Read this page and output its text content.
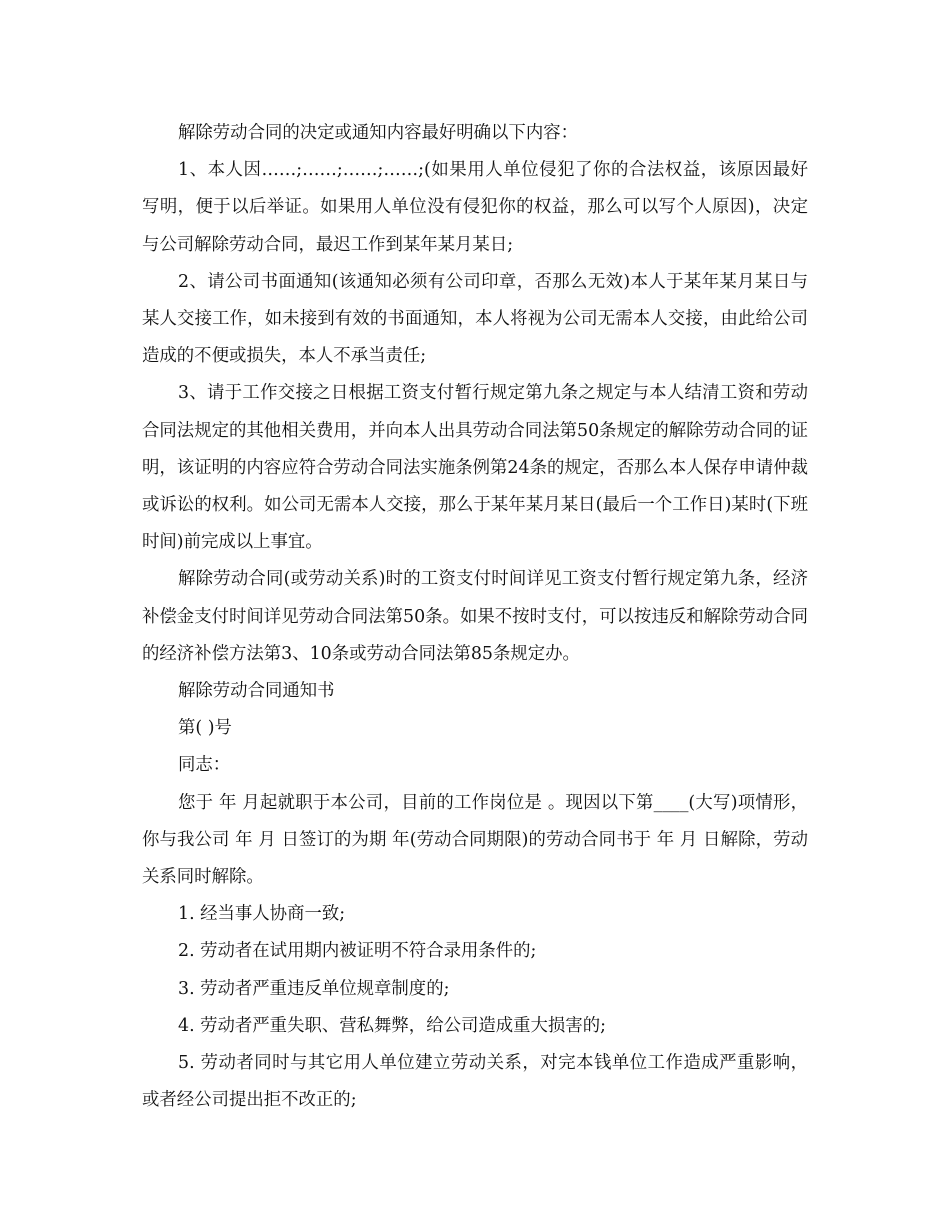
解除劳动合同的决定或通知内容最好明确以下内容：

1、本人因……;……;……;……;(如果用人单位侵犯了你的合法权益，该原因最好写明，便于以后举证。如果用人单位没有侵犯你的权益，那么可以写个人原因)，决定与公司解除劳动合同，最迟工作到某年某月某日;

2、请公司书面通知(该通知必须有公司印章，否那么无效)本人于某年某月某日与某人交接工作，如未接到有效的书面通知，本人将视为公司无需本人交接，由此给公司造成的不便或损失，本人不承当责任;

3、请于工作交接之日根据工资支付暂行规定第九条之规定与本人结清工资和劳动合同法规定的其他相关费用，并向本人出具劳动合同法第50条规定的解除劳动合同的证明，该证明的内容应符合劳动合同法实施条例第24条的规定，否那么本人保存申请仲裁或诉讼的权利。如公司无需本人交接，那么于某年某月某日(最后一个工作日)某时(下班时间)前完成以上事宜。

解除劳动合同(或劳动关系)时的工资支付时间详见工资支付暂行规定第九条，经济补偿金支付时间详见劳动合同法第50条。如果不按时支付，可以按违反和解除劳动合同的经济补偿方法第3、10条或劳动合同法第85条规定办。

解除劳动合同通知书

第( )号

同志：

您于 年 月起就职于本公司，目前的工作岗位是 。现因以下第____(大写)项情形，你与我公司 年 月 日签订的为期 年(劳动合同期限)的劳动合同书于 年 月 日解除，劳动关系同时解除。

1. 经当事人协商一致;

2. 劳动者在试用期内被证明不符合录用条件的;

3. 劳动者严重违反单位规章制度的;

4. 劳动者严重失职、营私舞弊，给公司造成重大损害的;

5. 劳动者同时与其它用人单位建立劳动关系，对完本钱单位工作造成严重影响，或者经公司提出拒不改正的;
